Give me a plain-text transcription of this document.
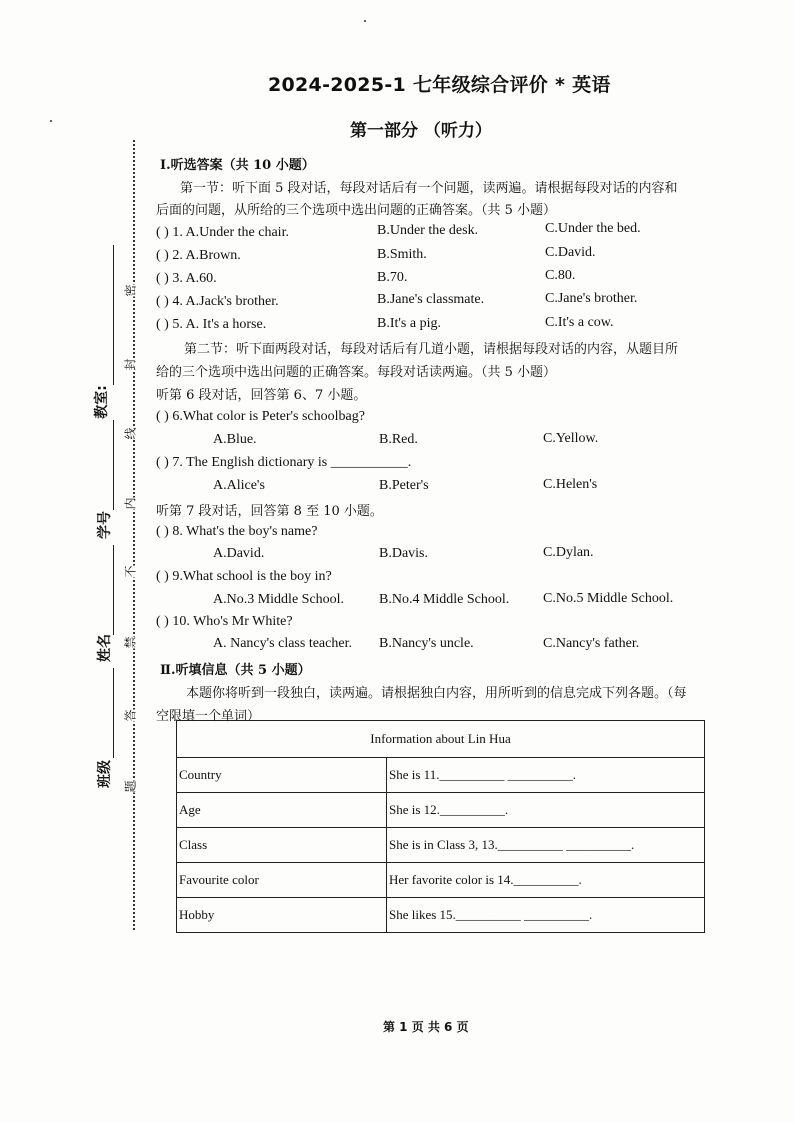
2024-2025-1 七年级综合评价 * 英语
第一部分 （听力）
密
封
线
内
不
禁
答
题
教室:
学号
姓名
班级
Ⅰ.听选答案（共 10 小题）
第一节：听下面 5 段对话，每段对话后有一个问题，读两遍。请根据每段对话的内容和
后面的问题，从所给的三个选项中选出问题的正确答案。（共 5 小题）
( ) 1. A.Under the chair.	B.Under the desk.	C.Under the bed.
( ) 2. A.Brown.	B.Smith.	C.David.
( ) 3. A.60.	B.70.	C.80.
( ) 4. A.Jack's brother.	B.Jane's classmate.	C.Jane's brother.
( ) 5. A. It's a horse.	B.It's a pig.	C.It's a cow.
第二节：听下面两段对话，每段对话后有几道小题，请根据每段对话的内容，从题目所
给的三个选项中选出问题的正确答案。每段对话读两遍。（共 5 小题）
听第 6 段对话，回答第 6、7 小题。
( ) 6.What color is Peter's schoolbag?
A.Blue.	B.Red.	C.Yellow.
( ) 7. The English dictionary is ___________.
A.Alice's	B.Peter's	C.Helen's
听第 7 段对话，回答第 8 至 10 小题。
( ) 8. What's the boy's name?
A.David.	B.Davis.	C.Dylan.
( ) 9.What school is the boy in?
A.No.3 Middle School. B.No.4 Middle School. C.No.5 Middle School.
( ) 10. Who's Mr White?
A. Nancy's class teacher. B.Nancy's uncle.	C.Nancy's father.
Ⅱ.听填信息（共 5 小题）
本题你将听到一段独白，读两遍。请根据独白内容，用所听到的信息完成下列各题。（每
空限填一个单词）
Information about Lin Hua	
Country	She is 11.__________ __________.
Age	She is 12.__________.
Class	She is in Class 3, 13.__________ __________.
Favourite color	Her favorite color is 14.__________.
Hobby	She likes 15.__________ __________.
第 1 页 共 6 页
